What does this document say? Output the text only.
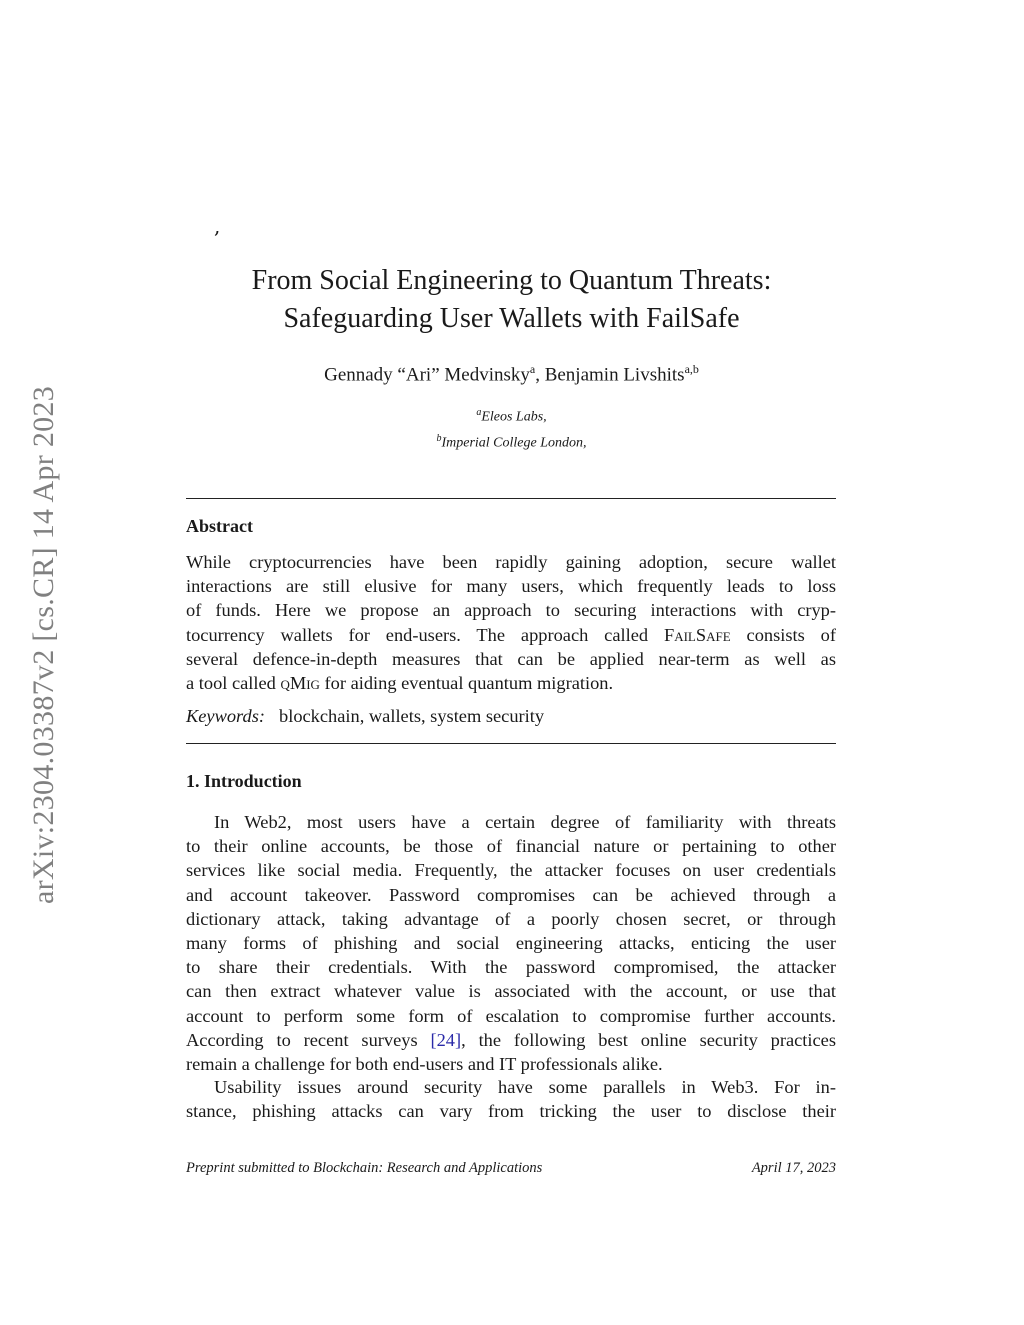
arXiv:2304.03387v2 [cs.CR] 14 Apr 2023
,
From Social Engineering to Quantum Threats:
Safeguarding User Wallets with FailSafe
Gennady “Ari” Medvinsky$^a$, Benjamin Livshits$^{a,b}$
$^a$Eleos Labs,
$^b$Imperial College London,
Abstract
While cryptocurrencies have been rapidly gaining adoption, secure wallet
interactions are still elusive for many users, which frequently leads to loss
of funds. Here we propose an approach to securing interactions with cryp-
tocurrency wallets for end-users. The approach called FailSafe consists of
several defence-in-depth measures that can be applied near-term as well as
a tool called qMig for aiding eventual quantum migration.
Keywords: blockchain, wallets, system security
1. Introduction
In Web2, most users have a certain degree of familiarity with threats
to their online accounts, be those of financial nature or pertaining to other
services like social media. Frequently, the attacker focuses on user credentials
and account takeover. Password compromises can be achieved through a
dictionary attack, taking advantage of a poorly chosen secret, or through
many forms of phishing and social engineering attacks, enticing the user
to share their credentials. With the password compromised, the attacker
can then extract whatever value is associated with the account, or use that
account to perform some form of escalation to compromise further accounts.
According to recent surveys [24], the following best online security practices
remain a challenge for both end-users and IT professionals alike.
Usability issues around security have some parallels in Web3. For in-
stance, phishing attacks can vary from tricking the user to disclose their
Preprint submitted to Blockchain: Research and Applications	April 17, 2023
